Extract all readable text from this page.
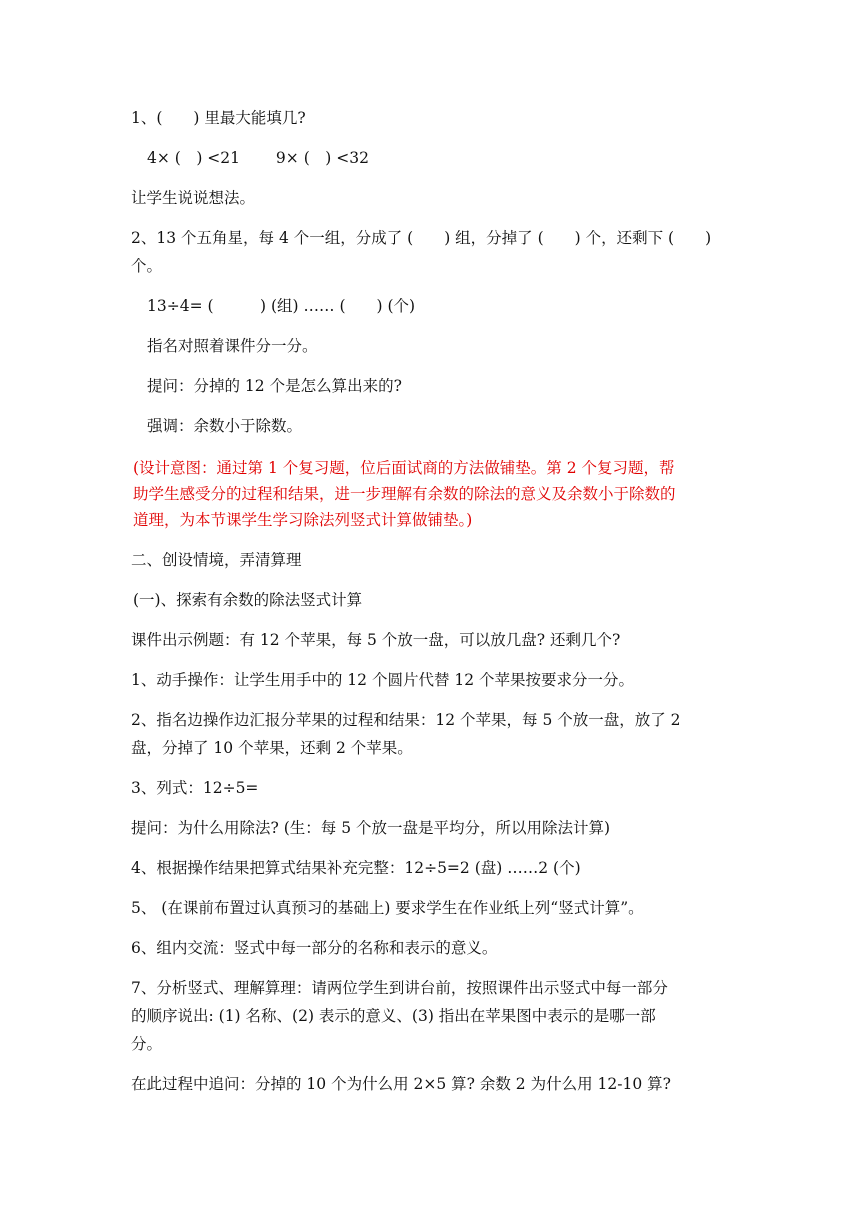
1、(　　) 里最大能填几?
4× (　) <21　　 9× (　) <32
让学生说说想法。
2、13 个五角星，每 4 个一组，分成了 (　　) 组，分掉了 (　　) 个，还剩下 (　　)
个。
13÷4= (　　　) (组) …… (　　) (个)
指名对照着课件分一分。
提问：分掉的 12 个是怎么算出来的?
强调：余数小于除数。
(设计意图：通过第 1 个复习题，位后面试商的方法做铺垫。第 2 个复习题，帮
助学生感受分的过程和结果，进一步理解有余数的除法的意义及余数小于除数的
道理，为本节课学生学习除法列竖式计算做铺垫。)
二、创设情境，弄清算理
(一)、探索有余数的除法竖式计算
课件出示例题：有 12 个苹果，每 5 个放一盘，可以放几盘? 还剩几个?
1、动手操作：让学生用手中的 12 个圆片代替 12 个苹果按要求分一分。
2、指名边操作边汇报分苹果的过程和结果：12 个苹果，每 5 个放一盘，放了 2
盘，分掉了 10 个苹果，还剩 2 个苹果。
3、列式：12÷5=
提问：为什么用除法? (生：每 5 个放一盘是平均分，所以用除法计算)
4、根据操作结果把算式结果补充完整：12÷5=2 (盘) ……2 (个)
5、 (在课前布置过认真预习的基础上) 要求学生在作业纸上列“竖式计算”。
6、组内交流：竖式中每一部分的名称和表示的意义。
7、分析竖式、理解算理：请两位学生到讲台前，按照课件出示竖式中每一部分
的顺序说出: (1) 名称、(2) 表示的意义、(3) 指出在苹果图中表示的是哪一部
分。
在此过程中追问：分掉的 10 个为什么用 2×5 算? 余数 2 为什么用 12-10 算?
